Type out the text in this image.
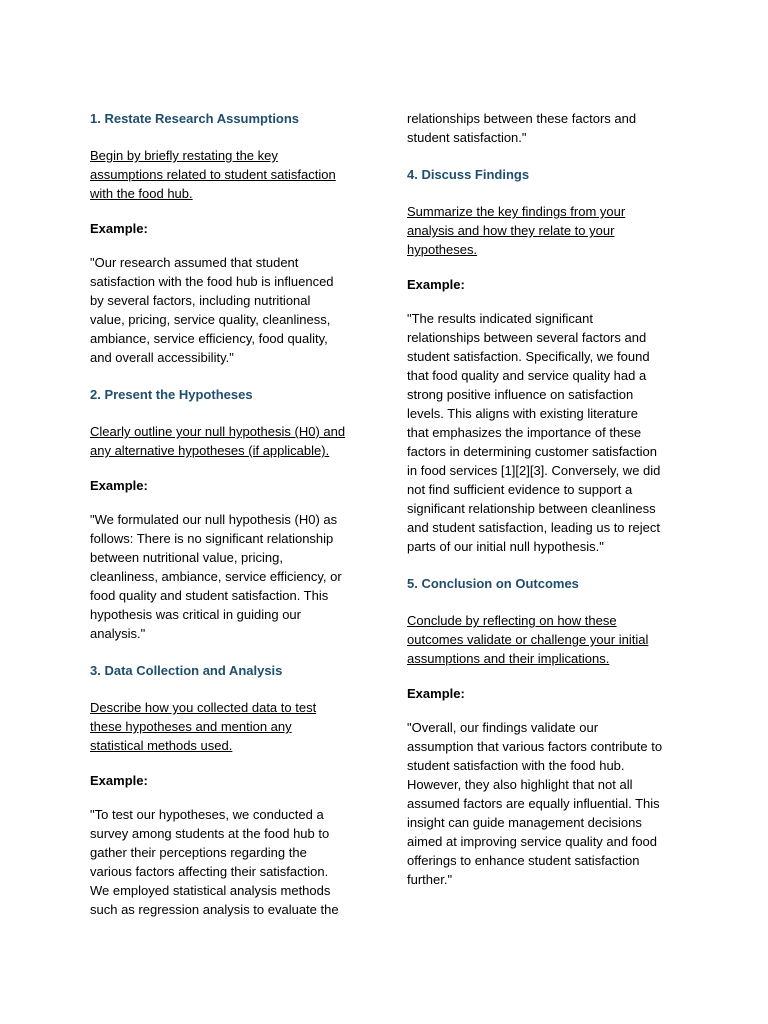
1. Restate Research Assumptions

Begin by briefly restating the key
assumptions related to student satisfaction
with the food hub.

Example:

"Our research assumed that student
satisfaction with the food hub is influenced
by several factors, including nutritional
value, pricing, service quality, cleanliness,
ambiance, service efficiency, food quality,
and overall accessibility."

2. Present the Hypotheses

Clearly outline your null hypothesis (H0) and
any alternative hypotheses (if applicable).

Example:

"We formulated our null hypothesis (H0) as
follows: There is no significant relationship
between nutritional value, pricing,
cleanliness, ambiance, service efficiency, or
food quality and student satisfaction. This
hypothesis was critical in guiding our
analysis."

3. Data Collection and Analysis

Describe how you collected data to test
these hypotheses and mention any
statistical methods used.

Example:

"To test our hypotheses, we conducted a
survey among students at the food hub to
gather their perceptions regarding the
various factors affecting their satisfaction.
We employed statistical analysis methods
such as regression analysis to evaluate the

relationships between these factors and
student satisfaction."

4. Discuss Findings

Summarize the key findings from your
analysis and how they relate to your
hypotheses.

Example:

"The results indicated significant
relationships between several factors and
student satisfaction. Specifically, we found
that food quality and service quality had a
strong positive influence on satisfaction
levels. This aligns with existing literature
that emphasizes the importance of these
factors in determining customer satisfaction
in food services [1][2][3]. Conversely, we did
not find sufficient evidence to support a
significant relationship between cleanliness
and student satisfaction, leading us to reject
parts of our initial null hypothesis."

5. Conclusion on Outcomes

Conclude by reflecting on how these
outcomes validate or challenge your initial
assumptions and their implications.

Example:

"Overall, our findings validate our
assumption that various factors contribute to
student satisfaction with the food hub.
However, they also highlight that not all
assumed factors are equally influential. This
insight can guide management decisions
aimed at improving service quality and food
offerings to enhance student satisfaction
further."
